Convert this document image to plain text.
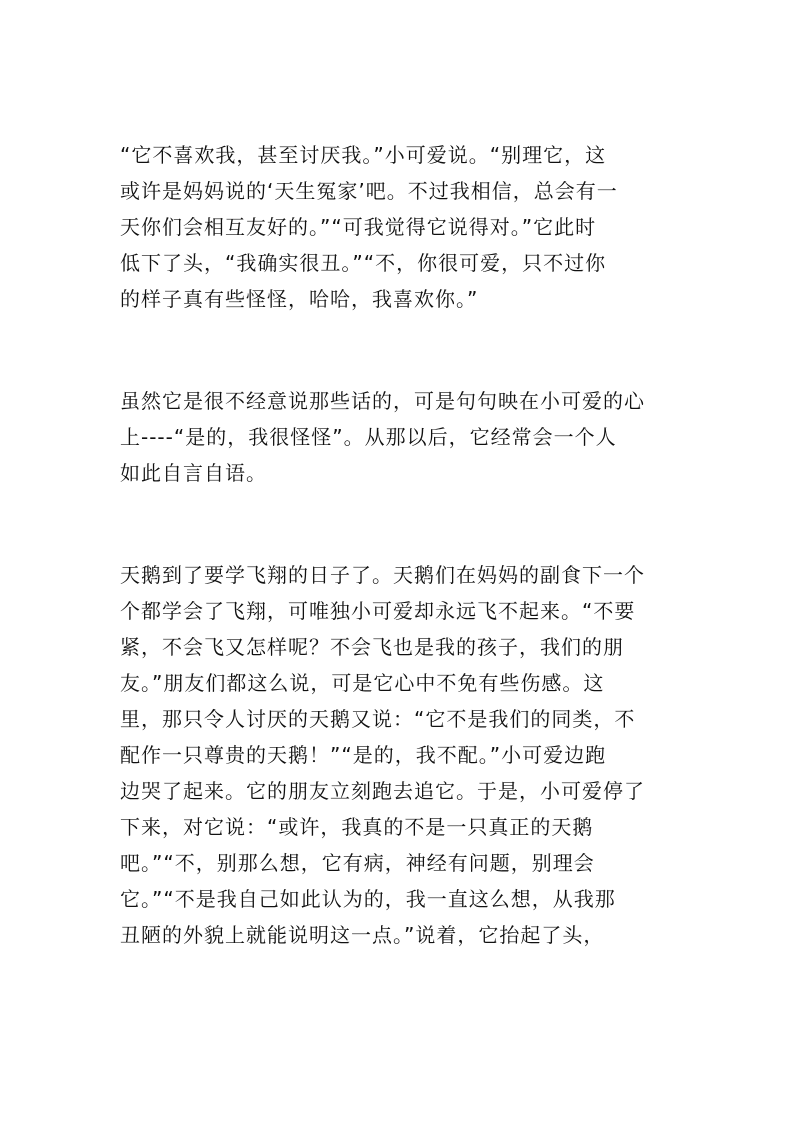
“它不喜欢我，甚至讨厌我。”小可爱说。“别理它，这
或许是妈妈说的‘天生冤家’吧。不过我相信，总会有一
天你们会相互友好的。”“可我觉得它说得对。”它此时
低下了头，“我确实很丑。”“不，你很可爱，只不过你
的样子真有些怪怪，哈哈，我喜欢你。”
虽然它是很不经意说那些话的，可是句句映在小可爱的心
上----“是的，我很怪怪”。从那以后，它经常会一个人
如此自言自语。
天鹅到了要学飞翔的日子了。天鹅们在妈妈的副食下一个
个都学会了飞翔，可唯独小可爱却永远飞不起来。“不要
紧，不会飞又怎样呢？不会飞也是我的孩子，我们的朋
友。”朋友们都这么说，可是它心中不免有些伤感。这
里，那只令人讨厌的天鹅又说：“它不是我们的同类，不
配作一只尊贵的天鹅！”“是的，我不配。”小可爱边跑
边哭了起来。它的朋友立刻跑去追它。于是，小可爱停了
下来，对它说：“或许，我真的不是一只真正的天鹅
吧。”“不，别那么想，它有病，神经有问题，别理会
它。”“不是我自己如此认为的，我一直这么想，从我那
丑陋的外貌上就能说明这一点。”说着，它抬起了头，
